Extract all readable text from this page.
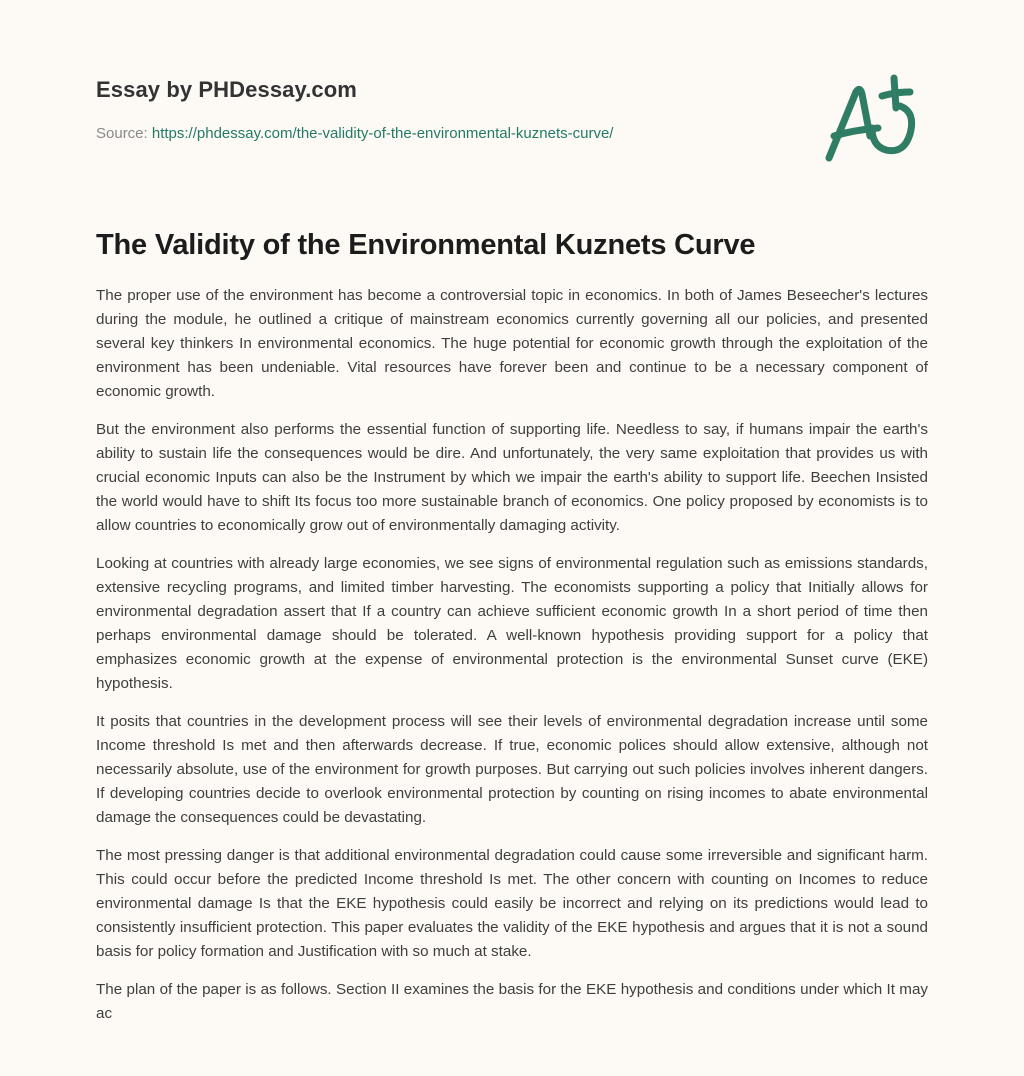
Essay by PHDessay.com
Source: https://phdessay.com/the-validity-of-the-environmental-kuznets-curve/
The Validity of the Environmental Kuznets Curve

The proper use of the environment has become a controversial topic in economics. In both of James Beseecher's lectures during the module, he outlined a critique of mainstream economics currently governing all our policies, and presented several key thinkers In environmental economics. The huge potential for economic growth through the exploitation of the environment has been undeniable. Vital resources have forever been and continue to be a necessary component of economic growth.

But the environment also performs the essential function of supporting life. Needless to say, if humans impair the earth's ability to sustain life the consequences would be dire. And unfortunately, the very same exploitation that provides us with crucial economic Inputs can also be the Instrument by which we impair the earth's ability to support life. Beechen Insisted the world would have to shift Its focus too more sustainable branch of economics. One policy proposed by economists is to allow countries to economically grow out of environmentally damaging activity.

Looking at countries with already large economies, we see signs of environmental regulation such as emissions standards, extensive recycling programs, and limited timber harvesting. The economists supporting a policy that Initially allows for environmental degradation assert that If a country can achieve sufficient economic growth In a short period of time then perhaps environmental damage should be tolerated. A well-known hypothesis providing support for a policy that emphasizes economic growth at the expense of environmental protection is the environmental Sunset curve (EKE) hypothesis.

It posits that countries in the development process will see their levels of environmental degradation increase until some Income threshold Is met and then afterwards decrease. If true, economic polices should allow extensive, although not necessarily absolute, use of the environment for growth purposes. But carrying out such policies involves inherent dangers. If developing countries decide to overlook environmental protection by counting on rising incomes to abate environmental damage the consequences could be devastating.

The most pressing danger is that additional environmental degradation could cause some irreversible and significant harm. This could occur before the predicted Income threshold Is met. The other concern with counting on Incomes to reduce environmental damage Is that the EKE hypothesis could easily be incorrect and relying on its predictions would lead to consistently insufficient protection. This paper evaluates the validity of the EKE hypothesis and argues that it is not a sound basis for policy formation and Justification with so much at stake.

The plan of the paper is as follows. Section II examines the basis for the EKE hypothesis and conditions under which It may ac
